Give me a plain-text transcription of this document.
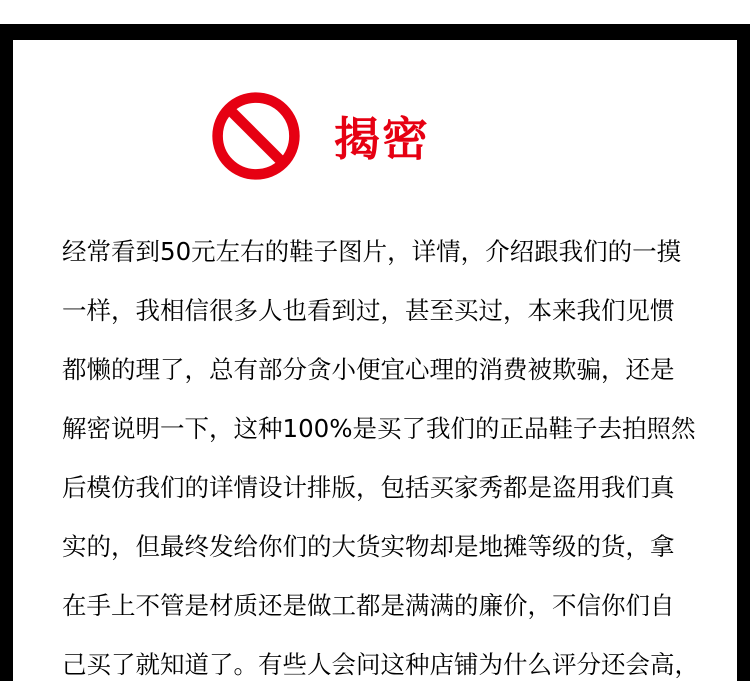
揭密
经常看到50元左右的鞋子图片，详情，介绍跟我们的一摸
一样，我相信很多人也看到过，甚至买过，本来我们见惯
都懒的理了，总有部分贪小便宜心理的消费被欺骗，还是
解密说明一下，这种100%是买了我们的正品鞋子去拍照然
后模仿我们的详情设计排版，包括买家秀都是盗用我们真
实的，但最终发给你们的大货实物却是地摊等级的货，拿
在手上不管是材质还是做工都是满满的廉价，不信你们自
己买了就知道了。有些人会问这种店铺为什么评分还会高，
